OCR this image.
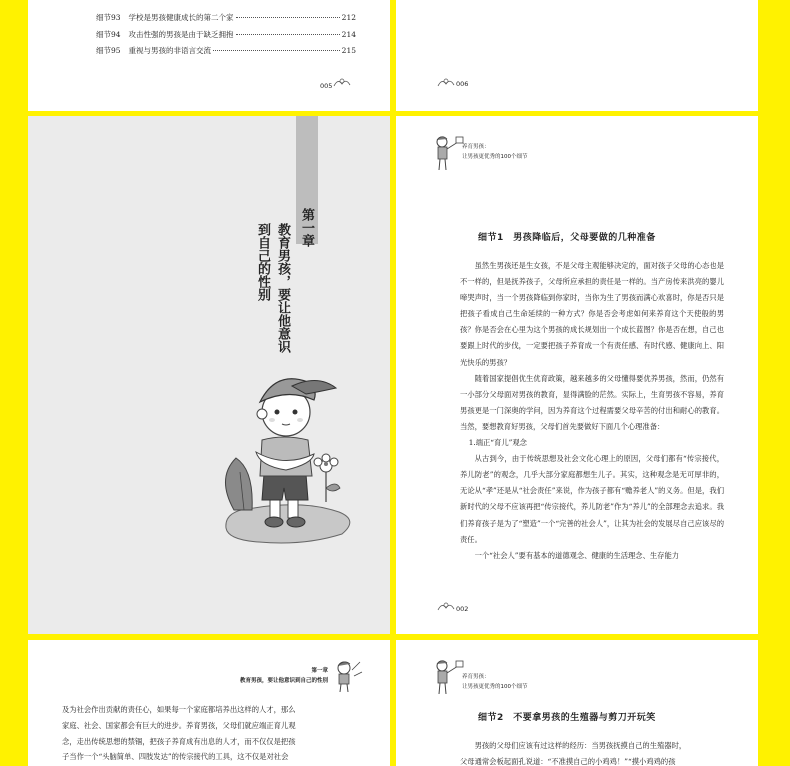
细节93 学校是男孩健康成长的第二个家	212
细节94 攻击性强的男孩是由于缺乏拥抱	214
细节95 重视与男孩的非语言交流	215
005	006
第一章
教育男孩，要让他意识
到自己的性别
养育男孩：
让男孩更优秀的100个细节
细节1　男孩降临后，父母要做的几种准备

虽然生男孩还是生女孩，不是父母主观能够决定的，面对孩子父母的心态也是不一样的，但是抚养孩子，父母所应承担的责任是一样的。当产房传来洪亮的婴儿啼哭声时，当一个男孩降临到你家时，当你为生了男孩而满心欢喜时，你是否只是把孩子看成自己生命延续的一种方式？你是否会考虑如何来养育这个天使般的男孩？你是否会在心里为这个男孩的成长规划出一个成长蓝图？你是否在想，自己也要跟上时代的步伐，一定要把孩子养育成一个有责任感、有时代感、健康向上、阳光快乐的男孩？

随着国家提倡优生优育政策，越来越多的父母懂得要优养男孩，然而，仍然有一小部分父母面对男孩的教育，显得满脸的茫然。实际上，生育男孩不容易，养育男孩更是一门深奥的学问，因为养育这个过程需要父母辛苦的付出和耐心的教育。当然，要想教育好男孩，父母们首先要做好下面几个心理准备：

1.端正“育儿”观念

从古到今，由于传统思想及社会文化心理上的原因，父母们都有“传宗接代，养儿防老”的观念，几乎大部分家庭都想生儿子。其实，这种观念是无可厚非的，无论从“孝”还是从“社会责任”来说，作为孩子都有“赡养老人”的义务。但是，我们新时代的父母不应该再把“传宗接代，养儿防老”作为“养儿”的全部理念去追求。我们养育孩子是为了“塑造”一个“完善的社会人”，让其为社会的发展尽自己应该尽的责任。

一个“社会人”要有基本的道德观念、健康的生活理念、生存能力

002
第一章
教育男孩，要让他意识到自己的性别
及为社会作出贡献的责任心，如果每一个家庭都培养出这样的人才，那么
家庭、社会、国家都会有巨大的进步。养育男孩，父母们就应端正育儿观
念，走出传统思想的禁锢，把孩子养育成有出息的人才，而不仅仅是把孩
子当作一个“头脑简单、四肢发达”的传宗接代的工具，这不仅是对社会
养育男孩：
让男孩更优秀的100个细节
细节2　不要拿男孩的生殖器与剪刀开玩笑

男孩的父母们应该有过这样的经历：当男孩抚摸自己的生殖器时，

父母通常会板起面孔说道：“不准摸自己的小鸡鸡！”“摸小鸡鸡的孩
